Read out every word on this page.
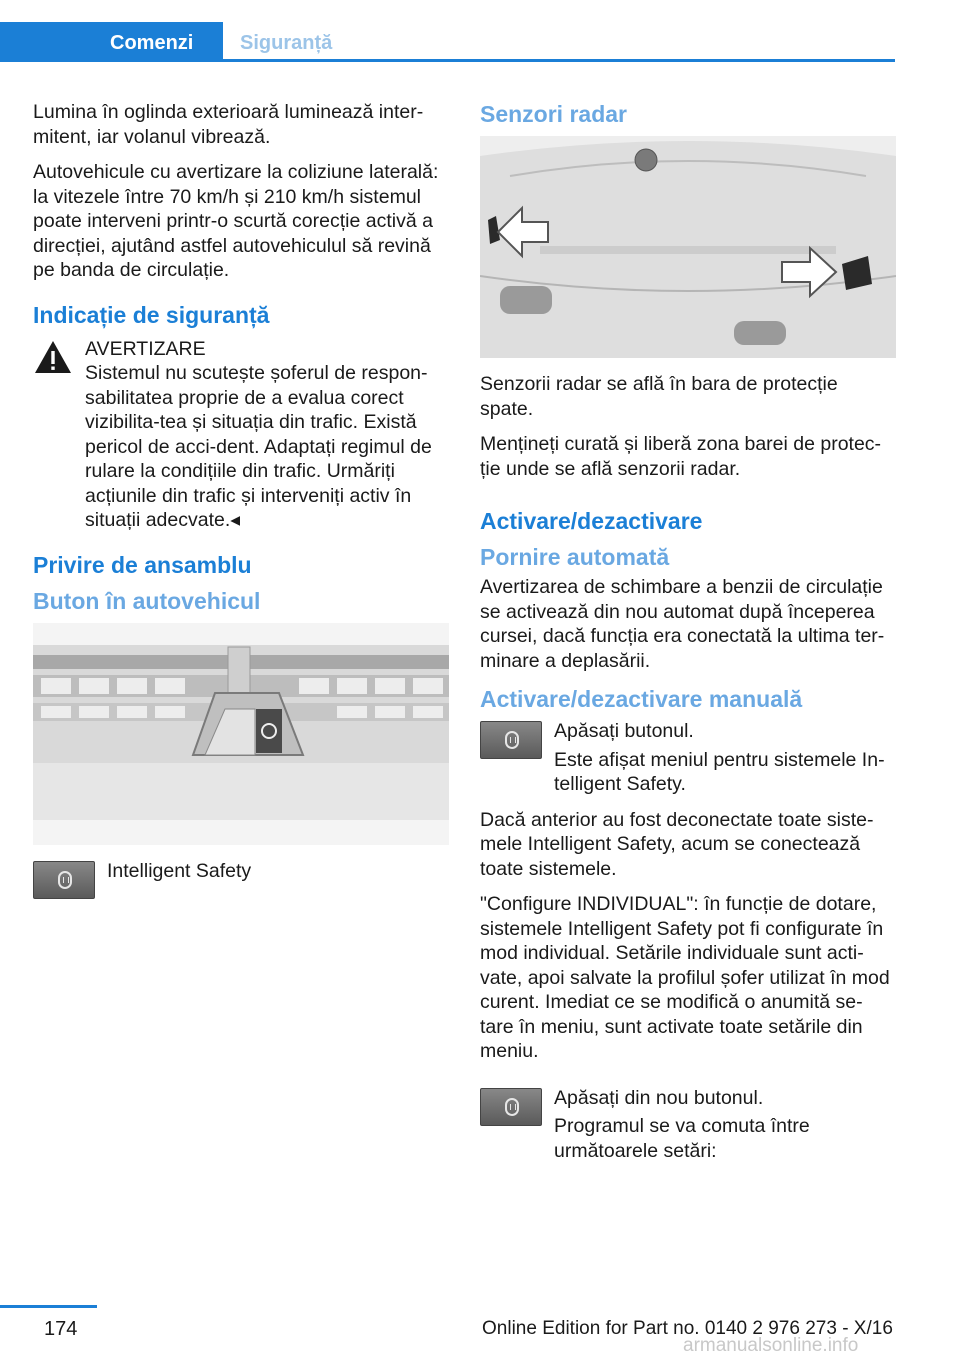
Comenzi	Siguranță

Lumina în oglinda exterioară luminează inter‐mitent, iar volanul vibrează.

Autovehicule cu avertizare la coliziune laterală: la vitezele între 70 km/h și 210 km/h sistemul poate interveni printr-o scurtă corecție activă a direcției, ajutând astfel autovehiculul să revină pe banda de circulație.

Indicație de siguranță
AVERTIZARE

Sistemul nu scutește șoferul de respon‐sabilitatea proprie de a evalua corect vizibilita‐tea și situația din trafic. Există pericol de acci‐dent. Adaptați regimul de rulare la condițiile din trafic. Urmăriți acțiunile din trafic și interveniți activ în situații adecvate.◂

Privire de ansamblu
Buton în autovehicul
Intelligent Safety
Senzori radar

Senzorii radar se află în bara de protecție spate.

Mențineți curată și liberă zona barei de protec‐ție unde se află senzorii radar.

Activare/dezactivare
Pornire automată

Avertizarea de schimbare a benzii de circulație se activează din nou automat după începerea cursei, dacă funcția era conectată la ultima ter‐minare a deplasării.

Activare/dezactivare manuală

Apăsați butonul.

Este afișat meniul pentru sistemele In‐telligent Safety.

Dacă anterior au fost deconectate toate siste‐mele Intelligent Safety, acum se conectează toate sistemele.

"Configure INDIVIDUAL": în funcție de dotare, sistemele Intelligent Safety pot fi configurate în mod individual. Setările individuale sunt acti‐vate, apoi salvate la profilul șofer utilizat în mod curent. Imediat ce se modifică o anumită se‐tare în meniu, sunt activate toate setările din meniu.

Apăsați din nou butonul.

Programul se va comuta între următoarele setări:

174	Online Edition for Part no. 0140 2 976 273 - X/16
armanualsonline.info
